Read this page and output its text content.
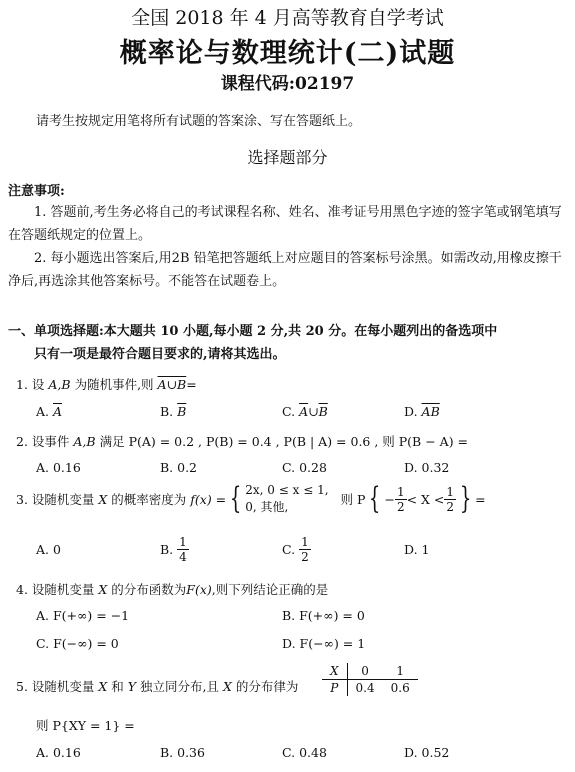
全国 2018 年 4 月高等教育自学考试
概率论与数理统计(二)试题
课程代码:02197
请考生按规定用笔将所有试题的答案涂、写在答题纸上。
选择题部分
注意事项:

1. 答题前,考生务必将自己的考试课程名称、姓名、准考证号用黑色字迹的签字笔或钢笔填写在答题纸规定的位置上。

2. 每小题选出答案后,用2B 铅笔把答题纸上对应题目的答案标号涂黑。如需改动,用橡皮擦干净后,再选涂其他答案标号。不能答在试题卷上。

一、单项选择题:本大题共 10 小题,每小题 2 分,共 20 分。在每小题列出的备选项中
只有一项是最符合题目要求的,请将其选出。
1. 设 A,B 为随机事件,则 A∪B=
A. $\overline{A}$	B. $\overline{B}$	C. $\overline{A}\cup\overline{B}$	D. $\overline{AB}$
2. 设事件 A,B 满足 P(A) = 0.2 , P(B) = 0.4 , P(B | A) = 0.6 , 则 P(B − A) =
A. 0.16	B. 0.2	C. 0.28	D. 0.32
3. 设随机变量 X 的概率密度为 f(x) = { 2x, 0 ≤ x ≤ 1,
0, 其他,	则 P { − $\frac{1}{2} < X < \frac{1}{2}$ } =
A. 0	B. $\frac{1}{4}$	C. $\frac{1}{2}$	D. 1
4. 设随机变量 X 的分布函数为F(x),则下列结论正确的是
A. F(+∞) = −1	B. F(+∞) = 0
C. F(−∞) = 0	D. F(−∞) = 1
5. 设随机变量 X 和 Y 独立同分布,且 X 的分布律为
X	0	1
P	0.4	0.6
则 P{XY = 1} =
A. 0.16	B. 0.36	C. 0.48	D. 0.52
